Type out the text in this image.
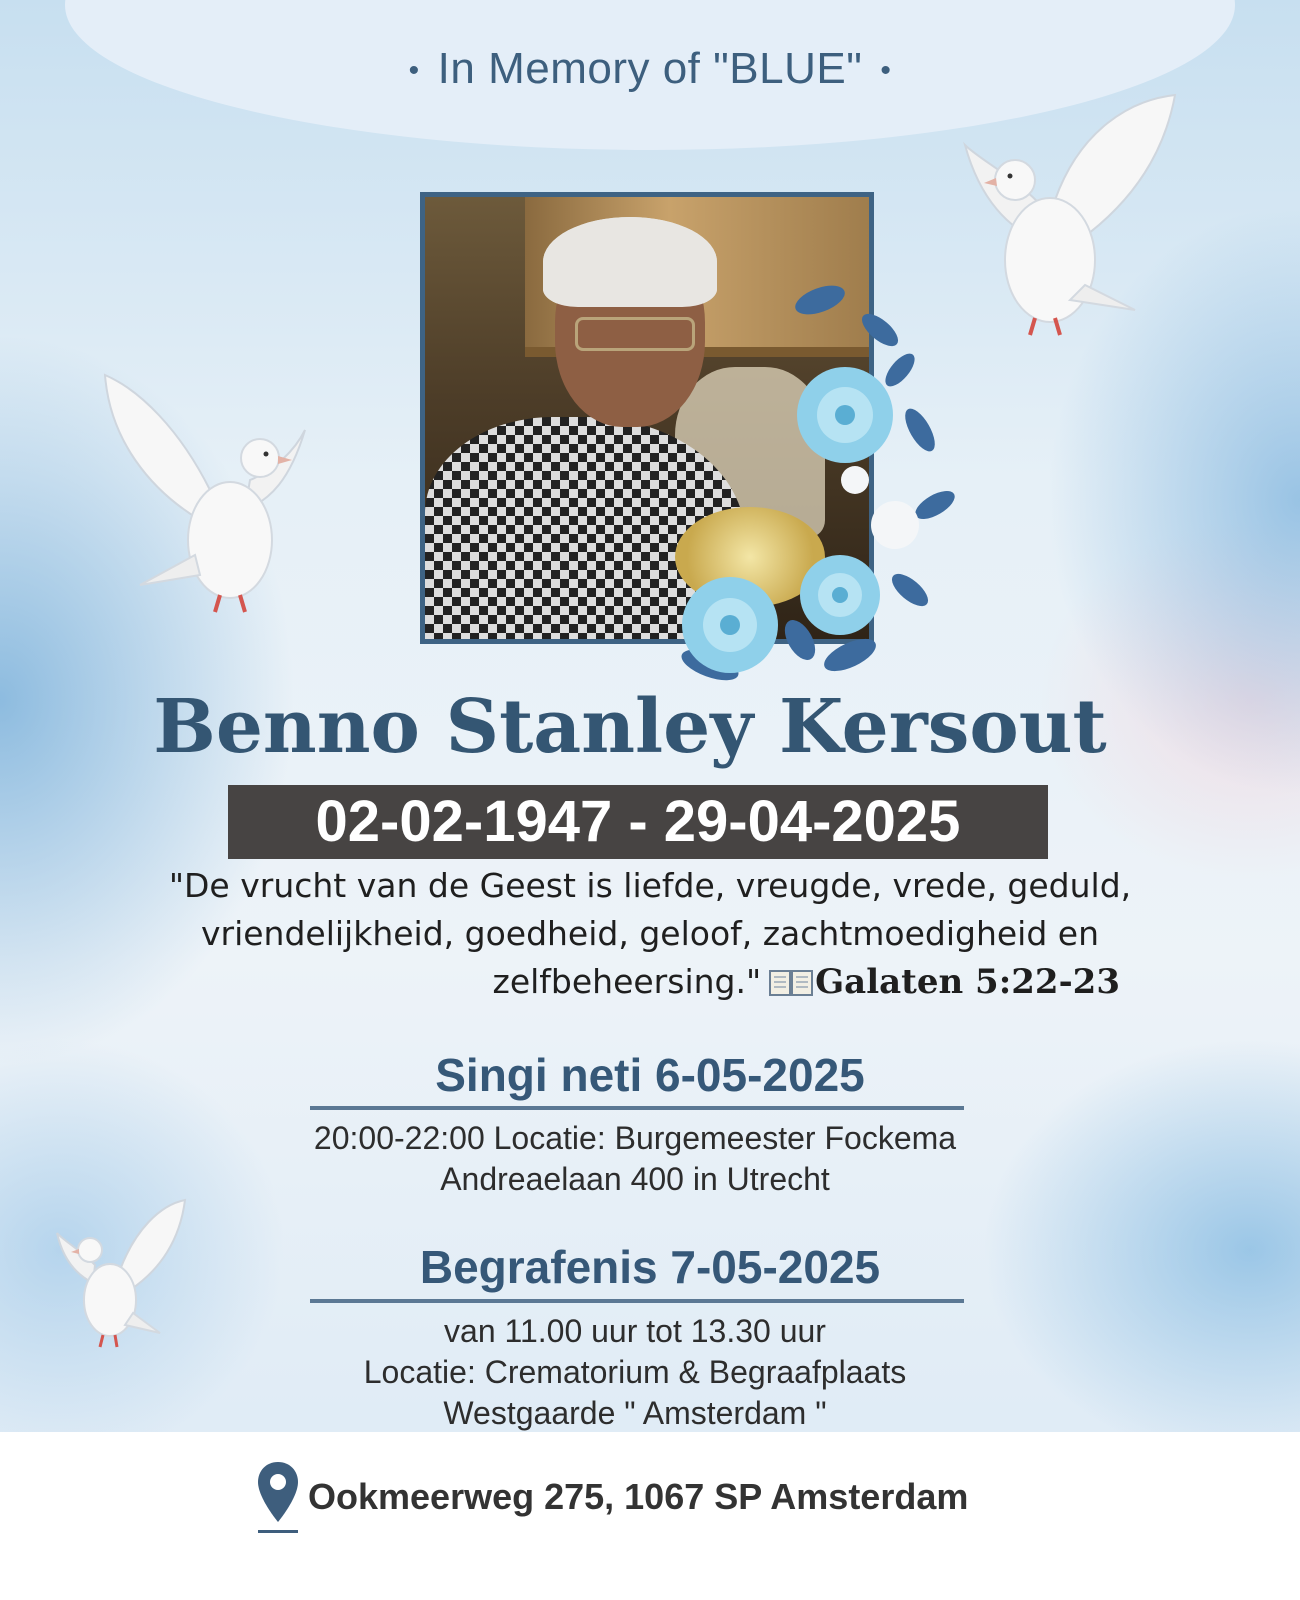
• In Memory of "BLUE" •
Benno Stanley Kersout
02-02-1947 - 29-04-2025
"De vrucht van de Geest is liefde, vreugde, vrede, geduld,
vriendelijkheid, goedheid, geloof, zachtmoedigheid en
zelfbeheersing." Galaten 5:22-23
Singi neti 6-05-2025
20:00-22:00 Locatie: Burgemeester Fockema
Andreaelaan 400 in Utrecht
Begrafenis 7-05-2025
van 11.00 uur tot 13.30 uur
Locatie: Crematorium & Begraafplaats
Westgaarde " Amsterdam "
Ookmeerweg 275, 1067 SP Amsterdam
